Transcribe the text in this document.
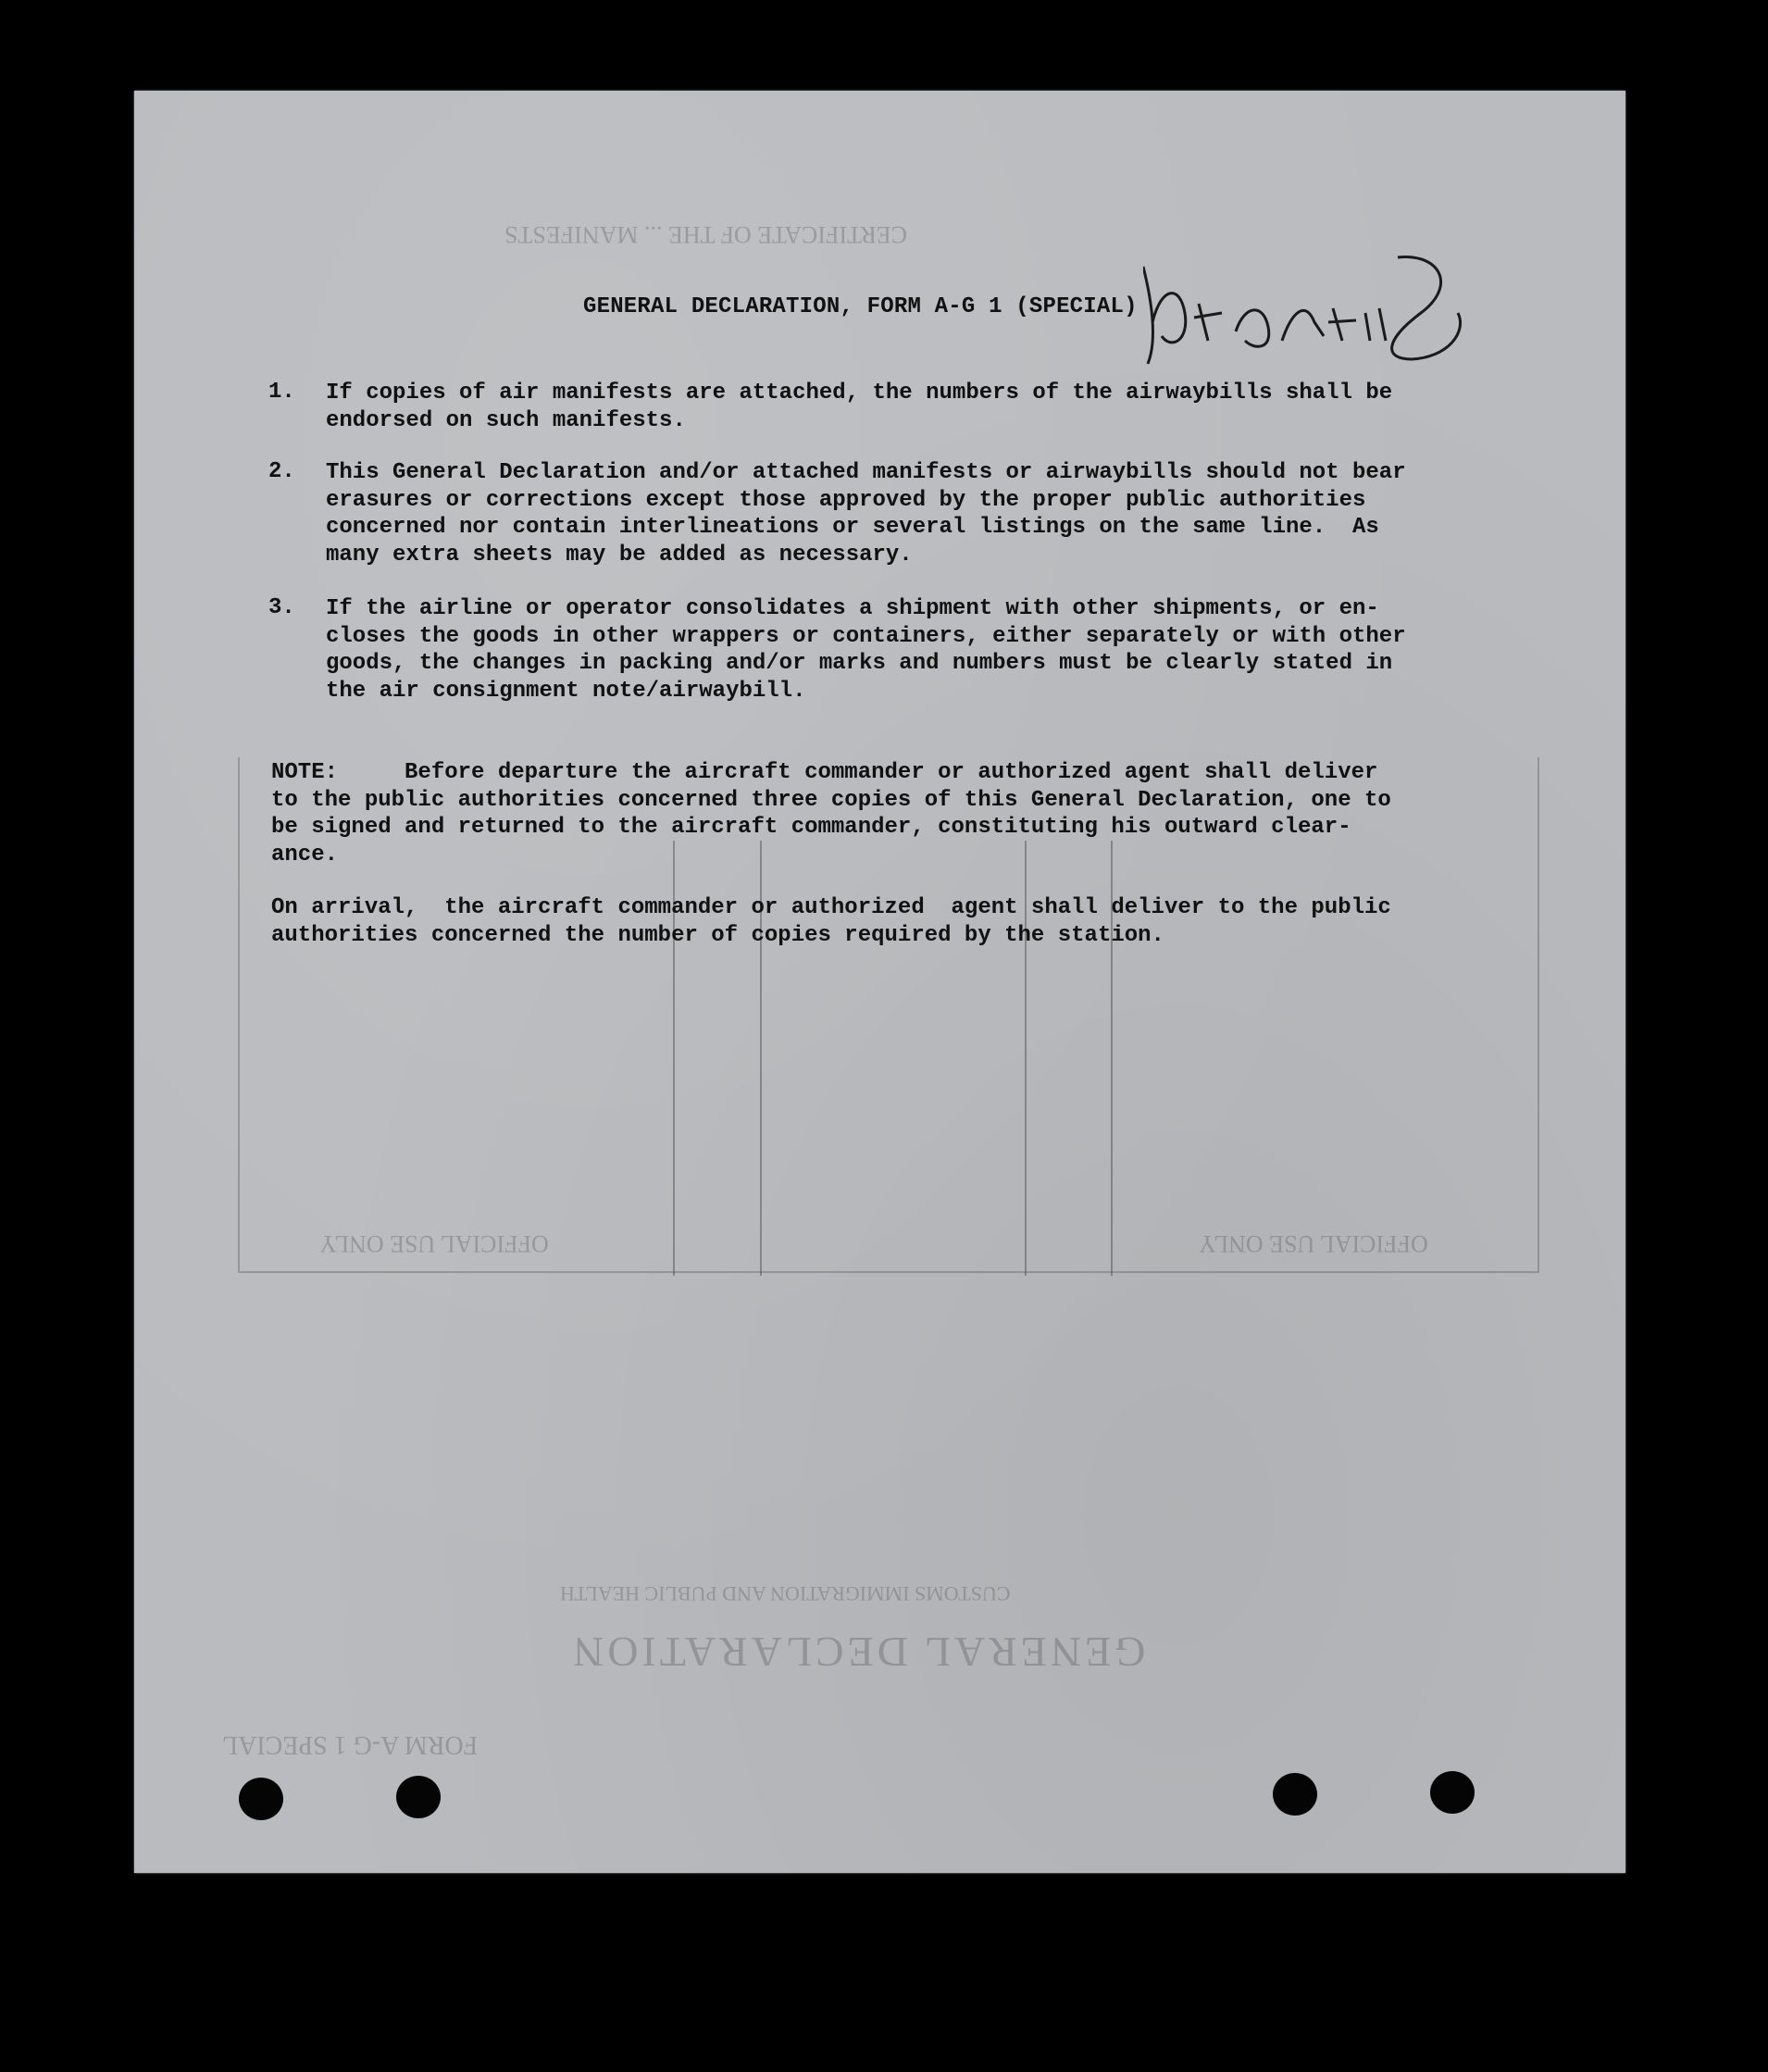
CERTIFICATE OF THE ... MANIFESTS
OFFICIAL USE ONLY	OFFICIAL USE ONLY
GENERAL DECLARATION
CUSTOMS IMMIGRATION AND PUBLIC HEALTH
FORM A-G 1 SPECIAL
GENERAL DECLARATION, FORM A-G 1 (SPECIAL)
1. If copies of air manifests are attached, the numbers of the airwaybills shall be
endorsed on such manifests.
2. This General Declaration and/or attached manifests or airwaybills should not bear
erasures or corrections except those approved by the proper public authorities
concerned nor contain interlineations or several listings on the same line.  As
many extra sheets may be added as necessary.
3. If the airline or operator consolidates a shipment with other shipments, or en-
closes the goods in other wrappers or containers, either separately or with other
goods, the changes in packing and/or marks and numbers must be clearly stated in
the air consignment note/airwaybill.
NOTE:     Before departure the aircraft commander or authorized agent shall deliver
to the public authorities concerned three copies of this General Declaration, one to
be signed and returned to the aircraft commander, constituting his outward clear-
ance.
On arrival,  the aircraft commander or authorized  agent shall deliver to the public
authorities concerned the number of copies required by the station.
